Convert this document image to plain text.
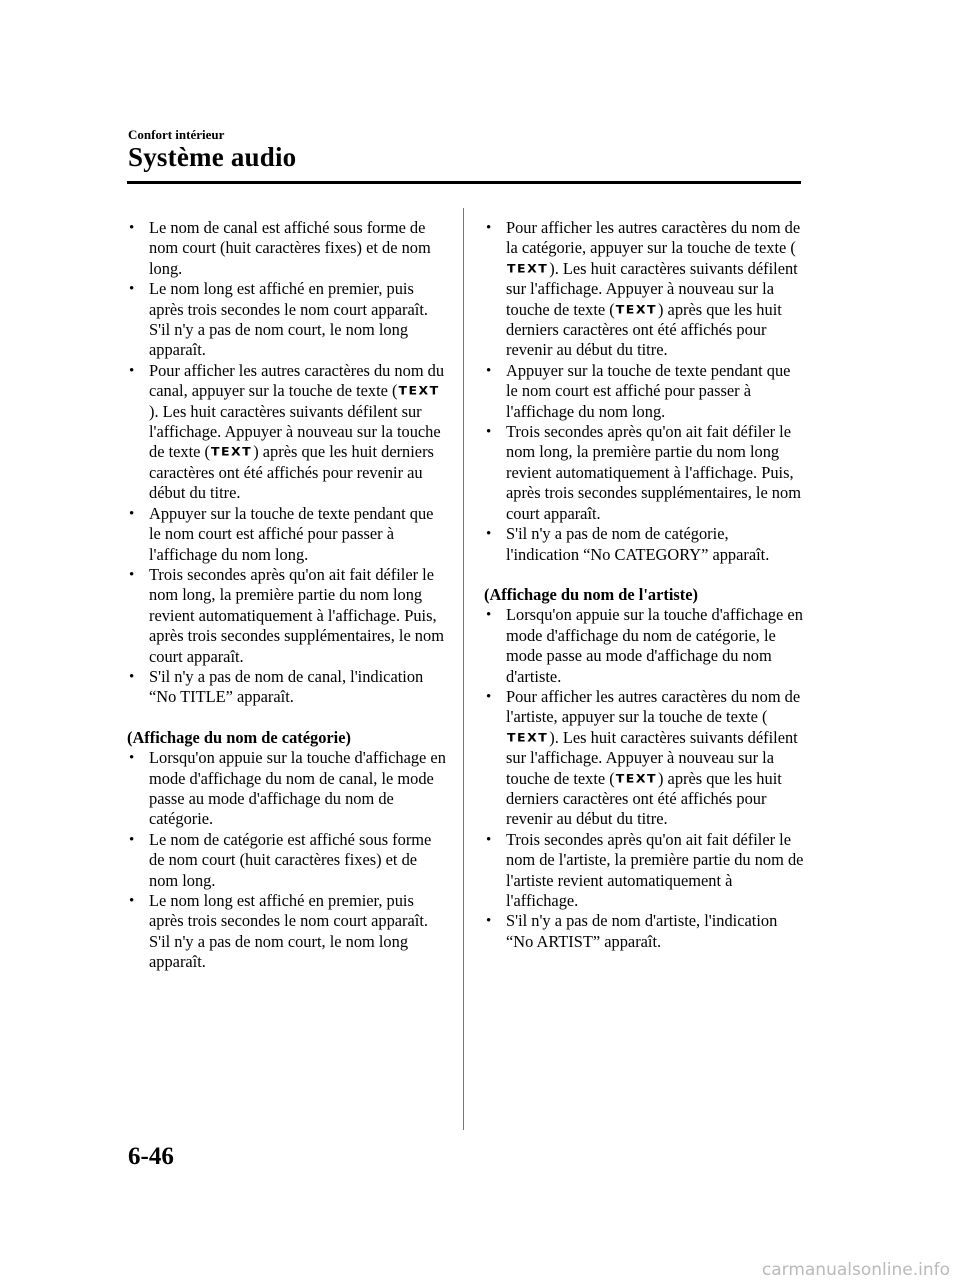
Confort intérieur
Système audio
• Le nom de canal est affiché sous forme de nom court (huit caractères fixes) et de nom long.
• Le nom long est affiché en premier, puis après trois secondes le nom court apparaît. S'il n'y a pas de nom court, le nom long apparaît.
• Pour afficher les autres caractères du nom du canal, appuyer sur la touche de texte (TEXT). Les huit caractères suivants défilent sur l'affichage. Appuyer à nouveau sur la touche de texte (TEXT) après que les huit derniers caractères ont été affichés pour revenir au début du titre.
• Appuyer sur la touche de texte pendant que le nom court est affiché pour passer à l'affichage du nom long.
• Trois secondes après qu'on ait fait défiler le nom long, la première partie du nom long revient automatiquement à l'affichage. Puis, après trois secondes supplémentaires, le nom court apparaît.
• S'il n'y a pas de nom de canal, l'indication “No TITLE” apparaît.
(Affichage du nom de catégorie)
• Lorsqu'on appuie sur la touche d'affichage en mode d'affichage du nom de canal, le mode passe au mode d'affichage du nom de catégorie.
• Le nom de catégorie est affiché sous forme de nom court (huit caractères fixes) et de nom long.
• Le nom long est affiché en premier, puis après trois secondes le nom court apparaît. S'il n'y a pas de nom court, le nom long apparaît.
• Pour afficher les autres caractères du nom de la catégorie, appuyer sur la touche de texte (TEXT). Les huit caractères suivants défilent sur l'affichage. Appuyer à nouveau sur la touche de texte (TEXT) après que les huit derniers caractères ont été affichés pour revenir au début du titre.
• Appuyer sur la touche de texte pendant que le nom court est affiché pour passer à l'affichage du nom long.
• Trois secondes après qu'on ait fait défiler le nom long, la première partie du nom long revient automatiquement à l'affichage. Puis, après trois secondes supplémentaires, le nom court apparaît.
• S'il n'y a pas de nom de catégorie, l'indication “No CATEGORY” apparaît.
(Affichage du nom de l'artiste)
• Lorsqu'on appuie sur la touche d'affichage en mode d'affichage du nom de catégorie, le mode passe au mode d'affichage du nom d'artiste.
• Pour afficher les autres caractères du nom de l'artiste, appuyer sur la touche de texte (TEXT). Les huit caractères suivants défilent sur l'affichage. Appuyer à nouveau sur la touche de texte (TEXT) après que les huit derniers caractères ont été affichés pour revenir au début du titre.
• Trois secondes après qu'on ait fait défiler le nom de l'artiste, la première partie du nom de l'artiste revient automatiquement à l'affichage.
• S'il n'y a pas de nom d'artiste, l'indication “No ARTIST” apparaît.
6-46
carmanualsonline.info
